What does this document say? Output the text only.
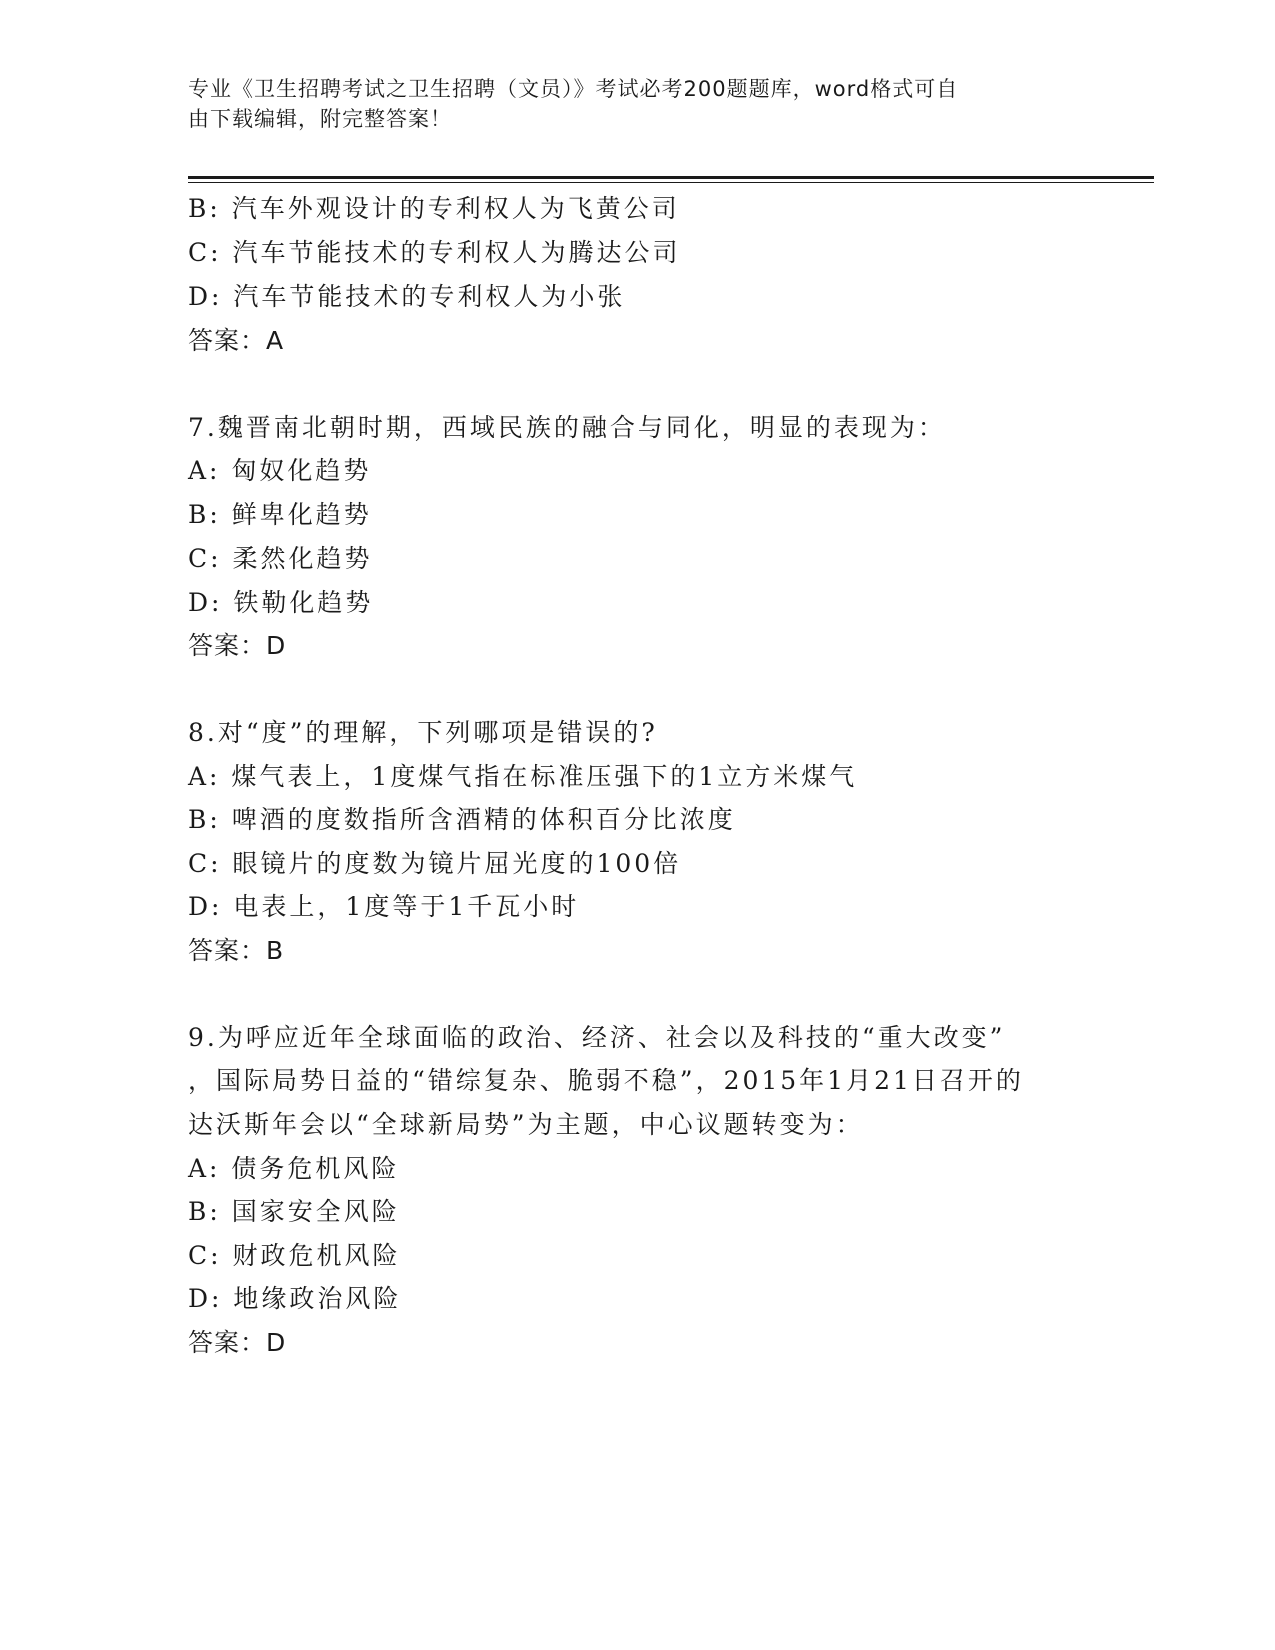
专业《卫生招聘考试之卫生招聘（文员）》考试必考200题题库，word格式可自
由下载编辑，附完整答案！
B: 汽车外观设计的专利权人为飞黄公司
C: 汽车节能技术的专利权人为腾达公司
D: 汽车节能技术的专利权人为小张
答案：A
7.魏晋南北朝时期，西域民族的融合与同化，明显的表现为：
A: 匈奴化趋势
B: 鲜卑化趋势
C: 柔然化趋势
D: 铁勒化趋势
答案：D
8.对“度”的理解，下列哪项是错误的?
A: 煤气表上，1度煤气指在标准压强下的1立方米煤气
B: 啤酒的度数指所含酒精的体积百分比浓度
C: 眼镜片的度数为镜片屈光度的100倍
D: 电表上，1度等于1千瓦小时
答案：B
9.为呼应近年全球面临的政治、经济、社会以及科技的“重大改变”
，国际局势日益的“错综复杂、脆弱不稳”，2015年1月21日召开的
达沃斯年会以“全球新局势”为主题，中心议题转变为：
A: 债务危机风险
B: 国家安全风险
C: 财政危机风险
D: 地缘政治风险
答案：D
